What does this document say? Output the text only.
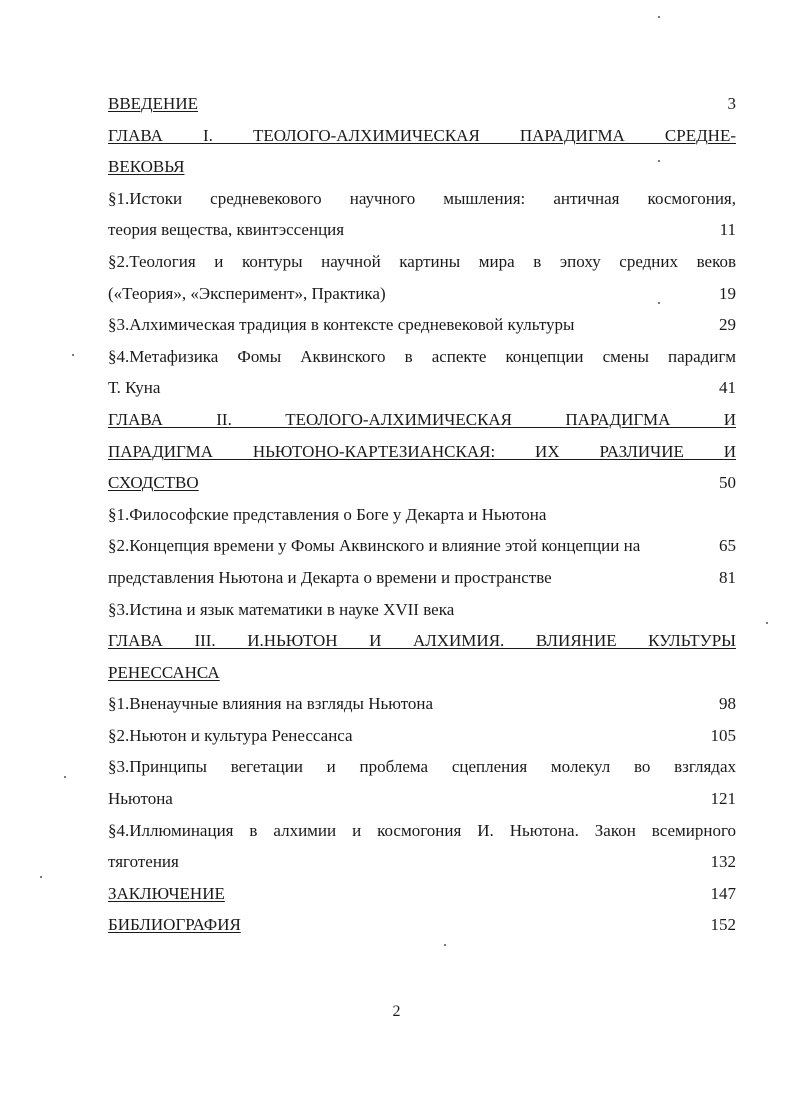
ВВЕДЕНИЕ	3
ГЛАВА I. ТЕОЛОГО-АЛХИМИЧЕСКАЯ ПАРАДИГМА СРЕДНЕ-
ВЕКОВЬЯ
§1.Истоки средневекового научного мышления: античная космогония,
теория вещества, квинтэссенция	11
§2.Теология и контуры научной картины мира в эпоху средних веков
(«Теория», «Эксперимент», Практика)	19
§3.Алхимическая традиция в контексте средневековой культуры	29
§4.Метафизика Фомы Аквинского в аспекте концепции смены парадигм
Т. Куна	41
ГЛАВА II. ТЕОЛОГО-АЛХИМИЧЕСКАЯ ПАРАДИГМА И
ПАРАДИГМА НЬЮТОНО-КАРТЕЗИАНСКАЯ: ИХ РАЗЛИЧИЕ И
СХОДСТВО	50
§1.Философские представления о Боге у Декарта и Ньютона
§2.Концепция времени у Фомы Аквинского и влияние этой концепции на	65
представления Ньютона и Декарта о времени и пространстве	81
§3.Истина и язык математики в науке XVII века
ГЛАВА III. И.НЬЮТОН И АЛХИМИЯ. ВЛИЯНИЕ КУЛЬТУРЫ
РЕНЕССАНСА
§1.Вненаучные влияния на взгляды Ньютона	98
§2.Ньютон и культура Ренессанса	105
§3.Принципы вегетации и проблема сцепления молекул во взглядах
Ньютона	121
§4.Иллюминация в алхимии и космогония И. Ньютона. Закон всемирного
тяготения	132
ЗАКЛЮЧЕНИЕ	147
БИБЛИОГРАФИЯ	152
2
